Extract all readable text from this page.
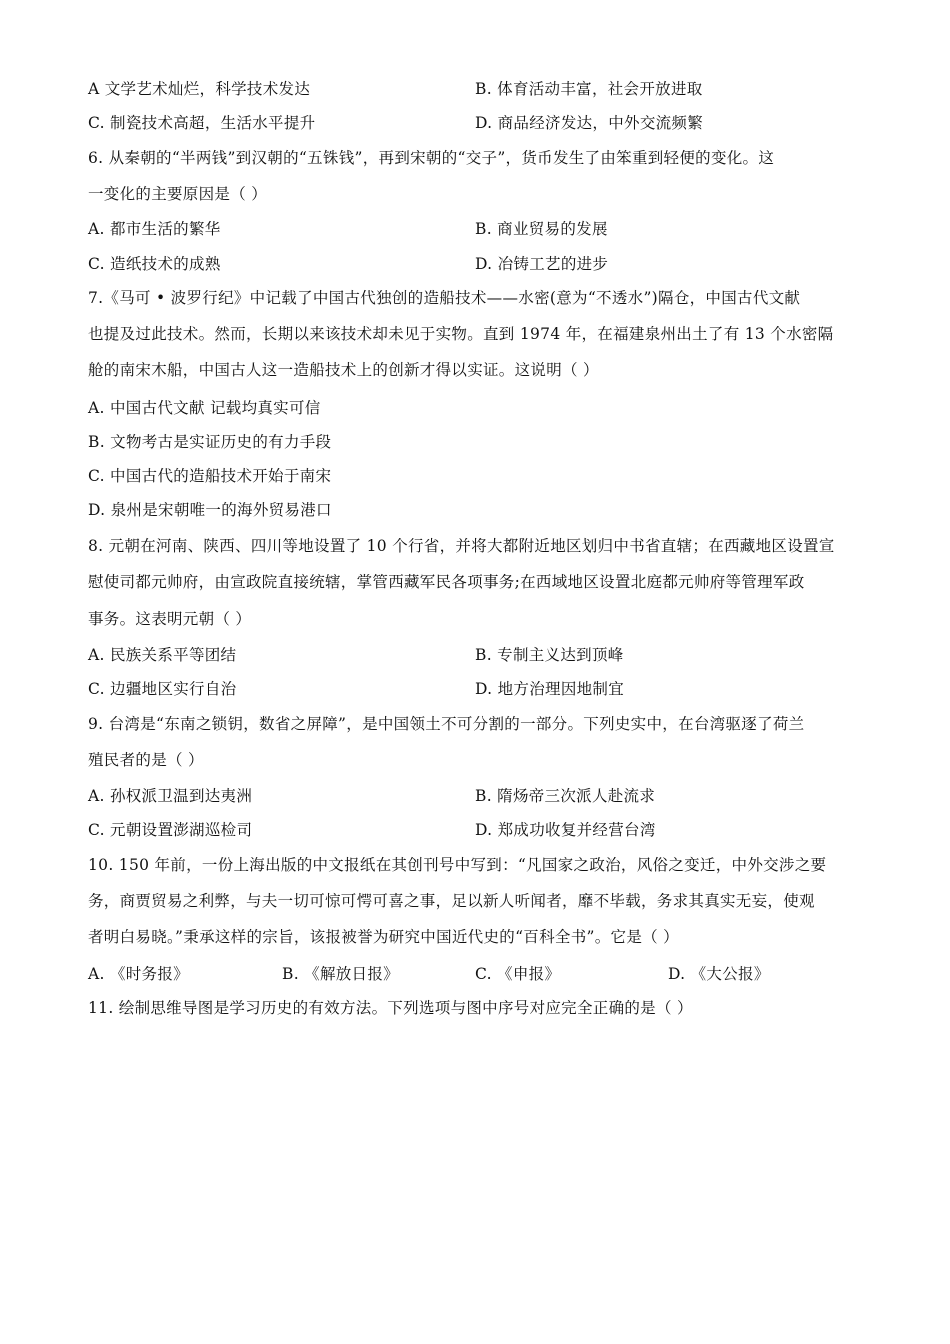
A 文学艺术灿烂，科学技术发达	B. 体育活动丰富，社会开放进取
C. 制瓷技术高超，生活水平提升	D. 商品经济发达，中外交流频繁
6. 从秦朝的“半两钱”到汉朝的“五铢钱”，再到宋朝的“交子”，货币发生了由笨重到轻便的变化。这
一变化的主要原因是（ ）
A. 都市生活的繁华	B. 商业贸易的发展
C. 造纸技术的成熟	D. 冶铸工艺的进步
7.《马可 • 波罗行纪》中记载了中国古代独创的造船技术——水密(意为“不透水”)隔仓，中国古代文献
也提及过此技术。然而，长期以来该技术却未见于实物。直到 1974 年，在福建泉州出土了有 13 个水密隔
舱的南宋木船，中国古人这一造船技术上的创新才得以实证。这说明（ ）
A. 中国古代文献 记载均真实可信
B. 文物考古是实证历史的有力手段
C. 中国古代的造船技术开始于南宋
D. 泉州是宋朝唯一的海外贸易港口
8. 元朝在河南、陕西、四川等地设置了 10 个行省，并将大都附近地区划归中书省直辖；在西藏地区设置宣
慰使司都元帅府，由宣政院直接统辖，掌管西藏军民各项事务;在西域地区设置北庭都元帅府等管理军政
事务。这表明元朝（ ）
A. 民族关系平等团结	B. 专制主义达到顶峰
C. 边疆地区实行自治	D. 地方治理因地制宜
9. 台湾是“东南之锁钥，数省之屏障”，是中国领土不可分割的一部分。下列史实中，在台湾驱逐了荷兰
殖民者的是（ ）
A. 孙权派卫温到达夷洲	B. 隋炀帝三次派人赴流求
C. 元朝设置澎湖巡检司	D. 郑成功收复并经营台湾
10. 150 年前，一份上海出版的中文报纸在其创刊号中写到：“凡国家之政治，风俗之变迁，中外交涉之要
务，商贾贸易之利弊，与夫一切可惊可愕可喜之事，足以新人听闻者，靡不毕载，务求其真实无妄，使观
者明白易晓。”秉承这样的宗旨，该报被誉为研究中国近代史的“百科全书”。它是（ ）
A. 《时务报》	B. 《解放日报》	C. 《申报》	D. 《大公报》
11. 绘制思维导图是学习历史的有效方法。下列选项与图中序号对应完全正确的是（ ）
